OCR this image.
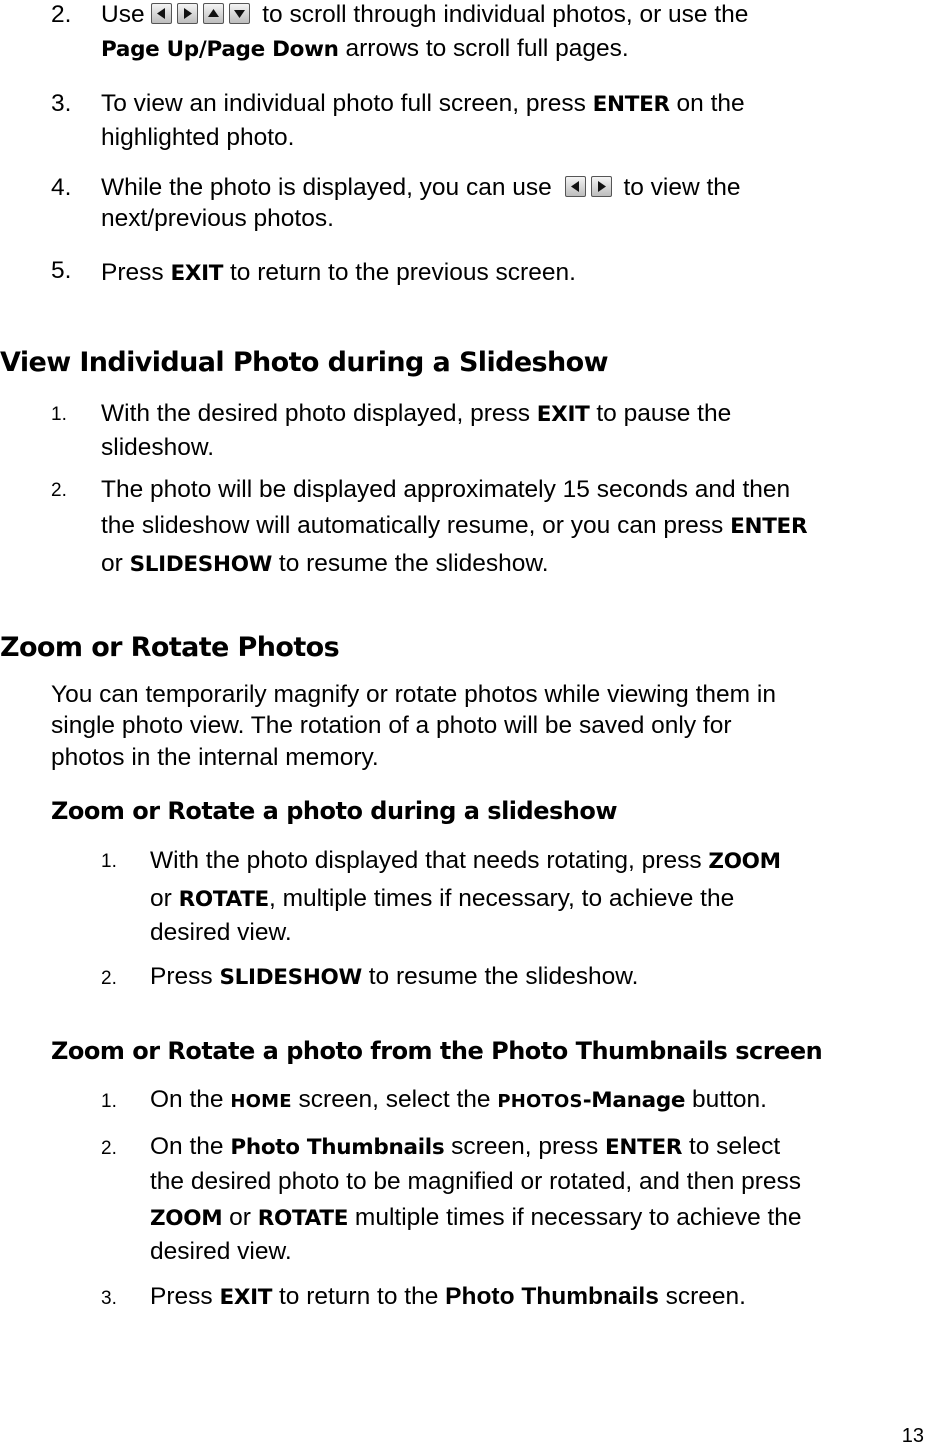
2. Use	to scroll through individual photos, or use the
Page Up/Page Down arrows to scroll full pages.
3. To view an individual photo full screen, press ENTER on the
highlighted photo.
4. While the photo is displayed, you can use	to view the
next/previous photos.
5. Press EXIT to return to the previous screen.
View Individual Photo during a Slideshow
1. With the desired photo displayed, press EXIT to pause the
slideshow.
2. The photo will be displayed approximately 15 seconds and then
the slideshow will automatically resume, or you can press ENTER
or SLIDESHOW to resume the slideshow.
Zoom or Rotate Photos
You can temporarily magnify or rotate photos while viewing them in
single photo view. The rotation of a photo will be saved only for
photos in the internal memory.
Zoom or Rotate a photo during a slideshow
1. With the photo displayed that needs rotating, press ZOOM
or ROTATE, multiple times if necessary, to achieve the
desired view.
2. Press SLIDESHOW to resume the slideshow.
Zoom or Rotate a photo from the Photo Thumbnails screen
1. On the HOME screen, select the PHOTOS-Manage button.
2. On the Photo Thumbnails screen, press ENTER to select
the desired photo to be magnified or rotated, and then press
ZOOM or ROTATE multiple times if necessary to achieve the
desired view.
3. Press EXIT to return to the Photo Thumbnails screen.
13
